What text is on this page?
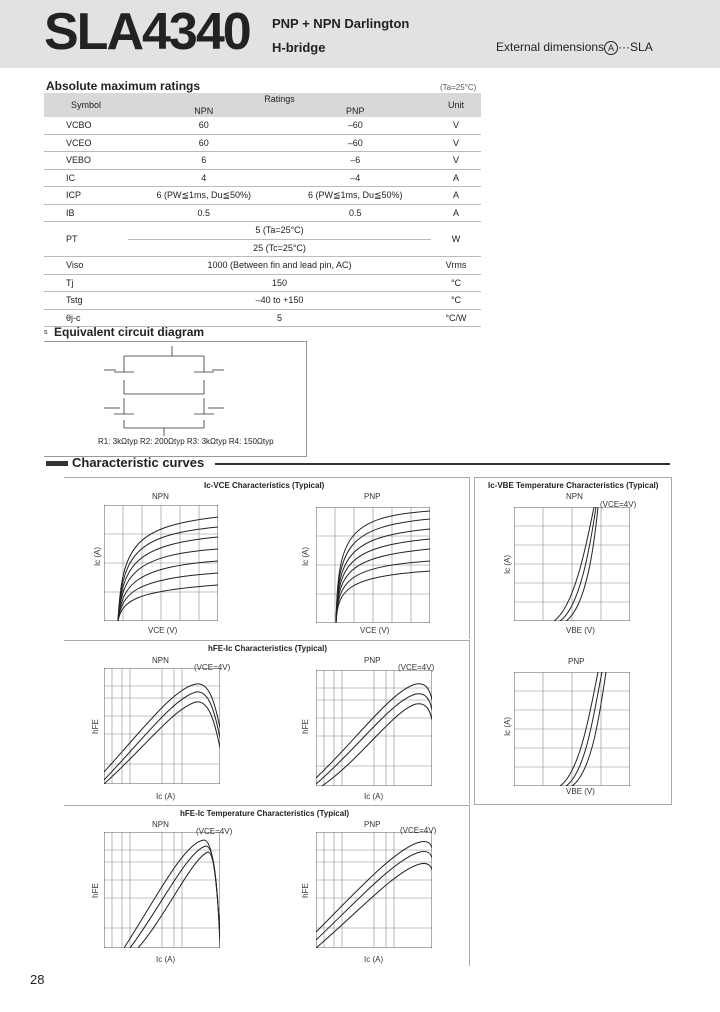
SLA4340 PNP + NPN Darlington
H-bridge	External dimensions A ···SLA
Absolute maximum ratings	(Ta=25°C)
Symbol	Ratings		Unit
	NPN	PNP	
VCBO	60	–60	V
VCEO	60	–60	V
VEBO	6	–6	V
IC	4	–4	A
ICP	6 (PW≦1ms, Du≦50%)	6 (PW≦1ms, Du≦50%)	A
IB	0.5	0.5	A
PT	5 (Ta=25°C)		W
	25 (Tc=25°C)		
Viso	1000 (Between fin and lead pin, AC)		Vrms
Tj	150		°C
Tstg	–40 to +150		°C
θj-c	5		°C/W
s Equivalent circuit diagram
R1: 3kΩtyp R2: 200Ωtyp R3: 3kΩtyp R4: 150Ωtyp
Characteristic curves
Ic-VCE Characteristics (Typical)	Ic-VBE Temperature Characteristics (Typical)
hFE-Ic Characteristics (Typical)
hFE-Ic Temperature Characteristics (Typical)
NPN	PNP	NPN
PNP
NPN	PNP
NPN	PNP
VCE (V)	VCE (V)	VBE (V)
VBE (V)
Ic (A)	Ic (A)
Ic (A)	Ic (A)
(VCE=4V)	(VCE=4V)
(VCE=4V)
(VCE=4V)	(VCE=4V)
Ic (A)	Ic (A)	Ic (A)
Ic (A)
hFE	hFE
hFE	hFE
28
